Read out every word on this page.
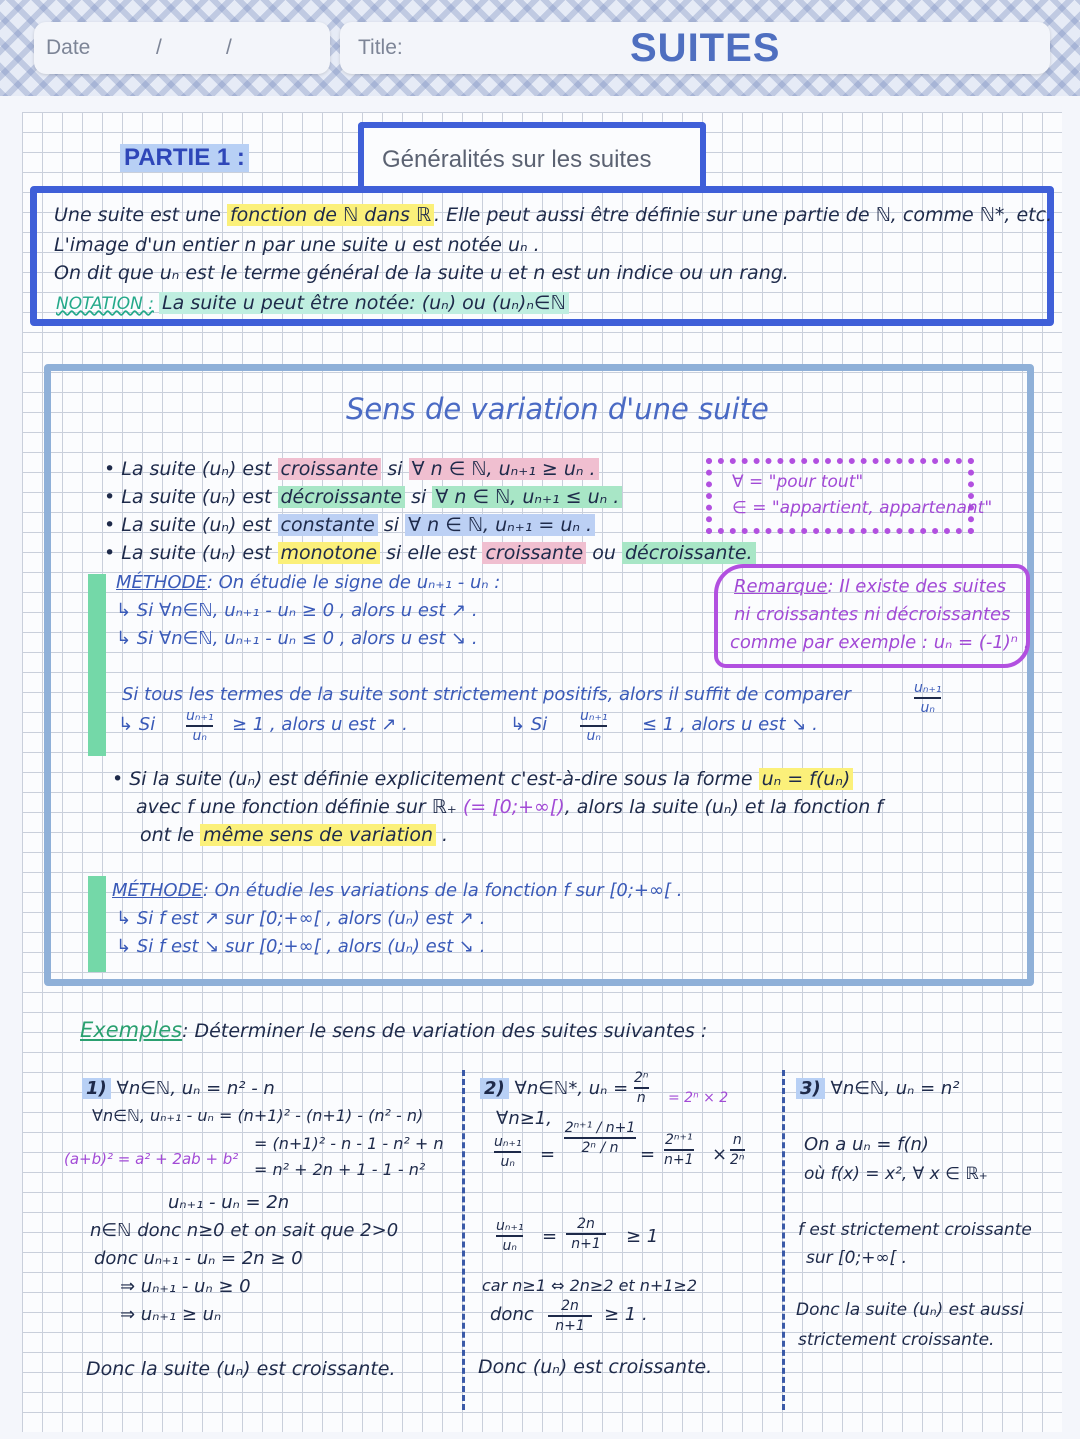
Date	/	/	Title:	SUITES
PARTIE 1 :	Généralités sur les suites
Une suite est une fonction de ℕ dans ℝ . Elle peut aussi être définie sur une partie de ℕ, comme ℕ*, etc.
L'image d'un entier n par une suite u est notée uₙ .
On dit que uₙ est le terme général de la suite u et n est un indice ou un rang.
NOTATION : La suite u peut être notée: (uₙ) ou (uₙ)ₙ∈ℕ
Sens de variation d'une suite
• La suite (uₙ) est croissante si ∀ n ∈ ℕ, uₙ₊₁ ≥ uₙ .
• La suite (uₙ) est décroissante si ∀ n ∈ ℕ, uₙ₊₁ ≤ uₙ .
• La suite (uₙ) est constante si ∀ n ∈ ℕ, uₙ₊₁ = uₙ .
• La suite (uₙ) est monotone si elle est croissante ou décroissante.
∀ = "pour tout"
∈ = "appartient, appartenant"
Remarque: Il existe des suites
ni croissantes ni décroissantes
comme par exemple : uₙ = (-1)ⁿ .
MÉTHODE: On étudie le signe de uₙ₊₁ - uₙ :
↳ Si ∀n∈ℕ, uₙ₊₁ - uₙ ≥ 0 , alors u est ↗ .
↳ Si ∀n∈ℕ, uₙ₊₁ - uₙ ≤ 0 , alors u est ↘ .
Si tous les termes de la suite sont strictement positifs, alors il suffit de comparer	uₙ₊₁
uₙ
↳ Si uₙ₊₁
uₙ
≥ 1 , alors u est ↗ .	↳ Si uₙ₊₁
uₙ
≤ 1 , alors u est ↘ .
• Si la suite (uₙ) est définie explicitement c'est-à-dire sous la forme uₙ = f(uₙ)
avec f une fonction définie sur ℝ₊ (= [0;+∞[), alors la suite (uₙ) et la fonction f
ont le même sens de variation .
MÉTHODE: On étudie les variations de la fonction f sur [0;+∞[ .
↳ Si f est ↗ sur [0;+∞[ , alors (uₙ) est ↗ .
↳ Si f est ↘ sur [0;+∞[ , alors (uₙ) est ↘ .
Exemples: Déterminer le sens de variation des suites suivantes :
1) ∀n∈ℕ, uₙ = n² - n
∀n∈ℕ, uₙ₊₁ - uₙ = (n+1)² - (n+1) - (n² - n)
(a+b)² = a² + 2ab + b²
= (n+1)² - n - 1 - n² + n
= n² + 2n + 1 - 1 - n²
uₙ₊₁ - uₙ = 2n
n∈ℕ donc n≥0 et on sait que 2>0
donc uₙ₊₁ - uₙ = 2n ≥ 0
⇒ uₙ₊₁ - uₙ ≥ 0
⇒ uₙ₊₁ ≥ uₙ
Donc la suite (uₙ) est croissante.
2) ∀n∈ℕ*, uₙ = 2ⁿ
n = 2ⁿ × 2
∀n≥1,
uₙ₊₁
uₙ =
2ⁿ⁺¹ / n+1
2ⁿ / n =
2ⁿ⁺¹
n+1 ×
n
2ⁿ
uₙ₊₁
uₙ =
2n
n+1 ≥ 1
car n≥1 ⇔ 2n≥2 et n+1≥2
donc 2n
n+1
≥ 1 .
Donc (uₙ) est croissante.
3) ∀n∈ℕ, uₙ = n²
On a uₙ = f(n)
où f(x) = x², ∀ x ∈ ℝ₊
f est strictement croissante
sur [0;+∞[ .
Donc la suite (uₙ) est aussi
strictement croissante.
